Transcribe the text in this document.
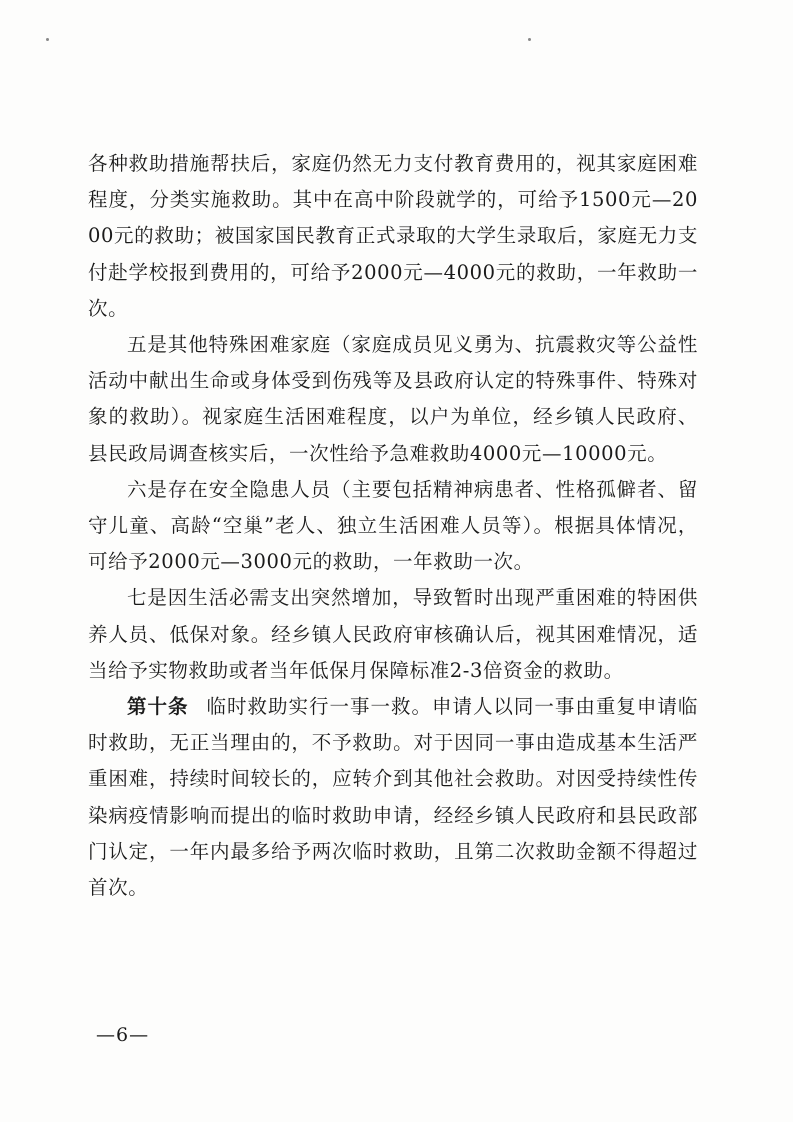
各种救助措施帮扶后，家庭仍然无力支付教育费用的，视其家庭困难程度，分类实施救助。其中在高中阶段就学的，可给予1500元—2000元的救助；被国家国民教育正式录取的大学生录取后，家庭无力支付赴学校报到费用的，可给予2000元—4000元的救助，一年救助一次。

五是其他特殊困难家庭（家庭成员见义勇为、抗震救灾等公益性活动中献出生命或身体受到伤残等及县政府认定的特殊事件、特殊对象的救助）。视家庭生活困难程度，以户为单位，经乡镇人民政府、县民政局调查核实后，一次性给予急难救助4000元—10000元。

六是存在安全隐患人员（主要包括精神病患者、性格孤僻者、留守儿童、高龄“空巢”老人、独立生活困难人员等）。根据具体情况，可给予2000元—3000元的救助，一年救助一次。

七是因生活必需支出突然增加，导致暂时出现严重困难的特困供养人员、低保对象。经乡镇人民政府审核确认后，视其困难情况，适当给予实物救助或者当年低保月保障标准2-3倍资金的救助。

第十条 临时救助实行一事一救。申请人以同一事由重复申请临时救助，无正当理由的，不予救助。对于因同一事由造成基本生活严重困难，持续时间较长的，应转介到其他社会救助。对因受持续性传染病疫情影响而提出的临时救助申请，经经乡镇人民政府和县民政部门认定，一年内最多给予两次临时救助，且第二次救助金额不得超过首次。

—6—
